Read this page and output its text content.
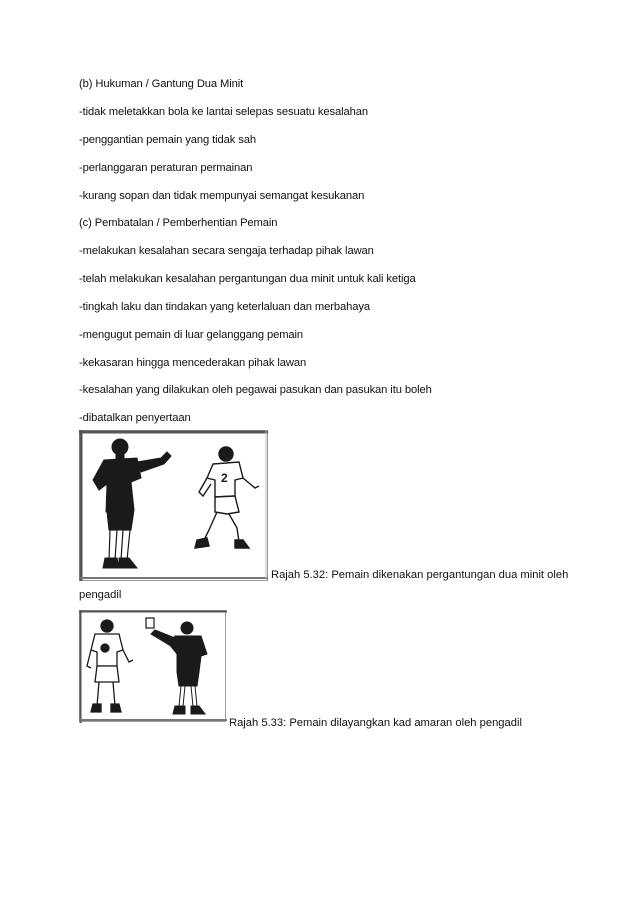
(b) Hukuman / Gantung Dua Minit
-tidak meletakkan bola ke lantai selepas sesuatu kesalahan
-penggantian pemain yang tidak sah
-perlanggaran peraturan permainan
-kurang sopan dan tidak mempunyai semangat kesukanan
(c) Pembatalan / Pemberhentian Pemain
-melakukan kesalahan secara sengaja terhadap pihak lawan
-telah melakukan kesalahan pergantungan dua minit untuk kali ketiga
-tingkah laku dan tindakan yang keterlaluan dan merbahaya
-mengugut pemain di luar gelanggang pemain
-kekasaran hingga mencederakan pihak lawan
-kesalahan yang dilakukan oleh pegawai pasukan dan pasukan itu boleh
-dibatalkan penyertaan
2
Rajah 5.32: Pemain dikenakan pergantungan dua minit oleh
pengadil
Rajah 5.33: Pemain dilayangkan kad amaran oleh pengadil
